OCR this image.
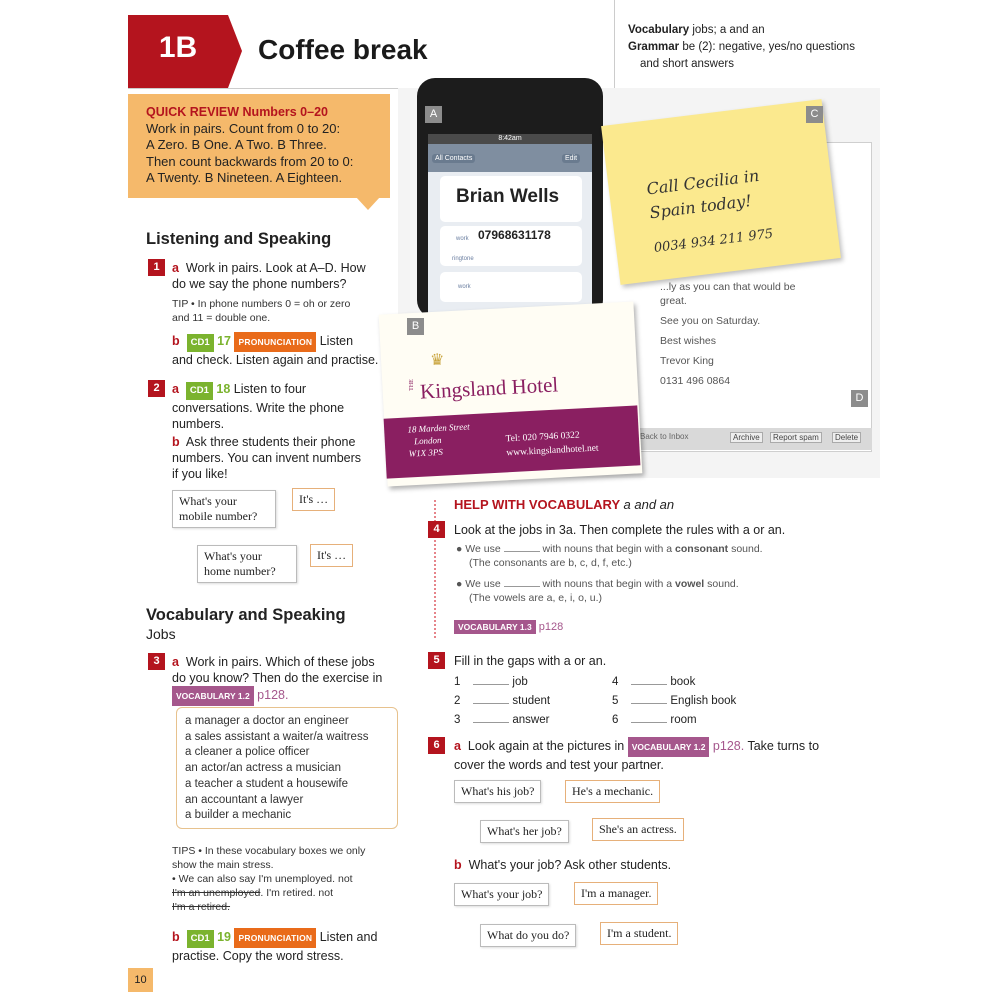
1B	Coffee break
Vocabulary jobs; a and an
Grammar be (2): negative, yes/no questions
and short answers
QUICK REVIEW Numbers 0–20
Work in pairs. Count from 0 to 20:
A Zero. B One. A Two. B Three.
Then count backwards from 20 to 0:
A Twenty. B Nineteen. A Eighteen.
Listening and Speaking
1 a Work in pairs. Look at A–D. How
do we say the phone numbers?
TIP • In phone numbers 0 = oh or zero
and 11 = double one.
b CD1 17 PRONUNCIATION Listen
and check. Listen again and practise.
2 a CD1 18 Listen to four
conversations. Write the phone
numbers.
b Ask three students their phone
numbers. You can invent numbers
if you like!
What's your
mobile number?
It's …
What's your
home number?
It's …
Vocabulary and Speaking
Jobs
3 a Work in pairs. Which of these jobs
do you know? Then do the exercise in
VOCABULARY 1.2 p128.
a manager a doctor an engineer
a sales assistant a waiter/a waitress
a cleaner a police officer
an actor/an actress a musician
a teacher a student a housewife
an accountant a lawyer
a builder a mechanic
TIPS • In these vocabulary boxes we only
show the main stress.
• We can also say I'm unemployed. not
I'm an unemployed. I'm retired. not
I'm a retired.
b CD1 19 PRONUNCIATION Listen and
practise. Copy the word stress.
10
...ly as you can that would be
great.
See you on Saturday.
Best wishes
Trevor King
0131 496 0864
Back to Inbox	Archive	Report spam	Delete
8:42am
All Contacts	Edit
Brian Wells
work 07968631178
ringtone
work
A
Call Cecilia in
Spain today!
0034 934 211 975
C
D
B
♛
THE Kingsland Hotel
18 Marden Street
London
W1X 3PS
Tel: 020 7946 0322
www.kingslandhotel.net
HELP WITH VOCABULARY a and an
4	Look at the jobs in 3a. Then complete the rules with a or an.
● We use	with nouns that begin with a consonant sound.
(The consonants are b, c, d, f, etc.)
● We use	with nouns that begin with a vowel sound.
(The vowels are a, e, i, o, u.)
VOCABULARY 1.3 p128
5	Fill in the gaps with a or an.
1	job
2	student
3	answer
4	book
5	English book
6	room
6	a Look again at the pictures in VOCABULARY 1.2 p128. Take turns to
cover the words and test your partner.
What's his job?	He's a mechanic.
What's her job?	She's an actress.
b What's your job? Ask other students.
What's your job?	I'm a manager.
What do you do?	I'm a student.
